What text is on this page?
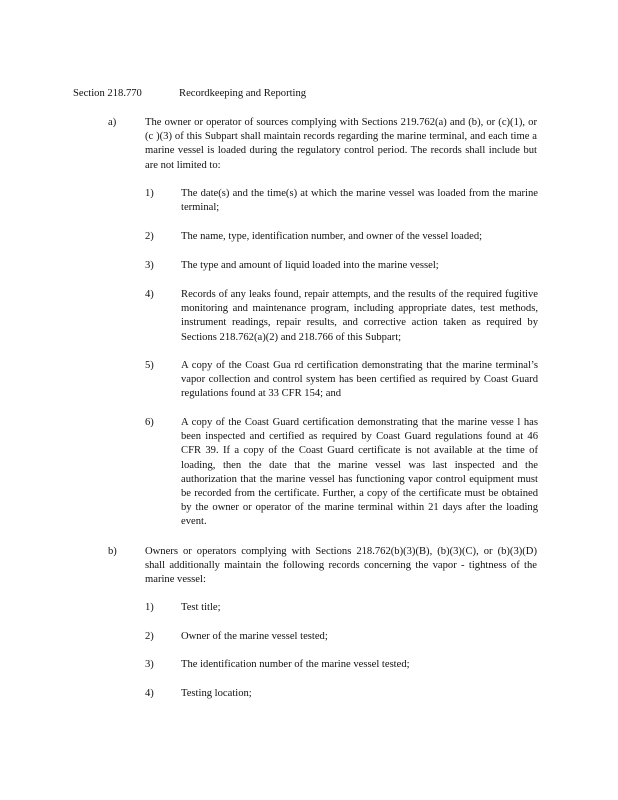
Section 218.770	Recordkeeping and Reporting
a)	The owner or operator of sources complying with Sections 219.762(a) and (b), or (c)(1), or (c )(3) of this Subpart shall maintain records regarding the marine terminal, and each time a marine vessel is loaded during the regulatory control period. The records shall include but are not limited to:
1)	The date(s) and the time(s) at which the marine vessel was loaded from the marine terminal;
2)	The name, type, identification number, and owner of the vessel loaded;
3)	The type and amount of liquid loaded into the marine vessel;
4)	Records of any leaks found, repair attempts, and the results of the required fugitive monitoring and maintenance program, including appropriate dates, test methods, instrument readings, repair results, and corrective action taken as required by Sections 218.762(a)(2) and 218.766 of this Subpart;
5)	A copy of the Coast Gua rd certification demonstrating that the marine terminal’s vapor collection and control system has been certified as required by Coast Guard regulations found at 33 CFR 154; and
6)	A copy of the Coast Guard certification demonstrating that the marine vesse l has been inspected and certified as required by Coast Guard regulations found at 46 CFR 39. If a copy of the Coast Guard certificate is not available at the time of loading, then the date that the marine vessel was last inspected and the authorization that the marine vessel has functioning vapor control equipment must be recorded from the certificate. Further, a copy of the certificate must be obtained by the owner or operator of the marine terminal within 21 days after the loading event.
b)	Owners or operators complying with Sections 218.762(b)(3)(B), (b)(3)(C), or (b)(3)(D) shall additionally maintain the following records concerning the vapor - tightness of the marine vessel:
1)	Test title;
2)	Owner of the marine vessel tested;
3)	The identification number of the marine vessel tested;
4)	Testing location;
